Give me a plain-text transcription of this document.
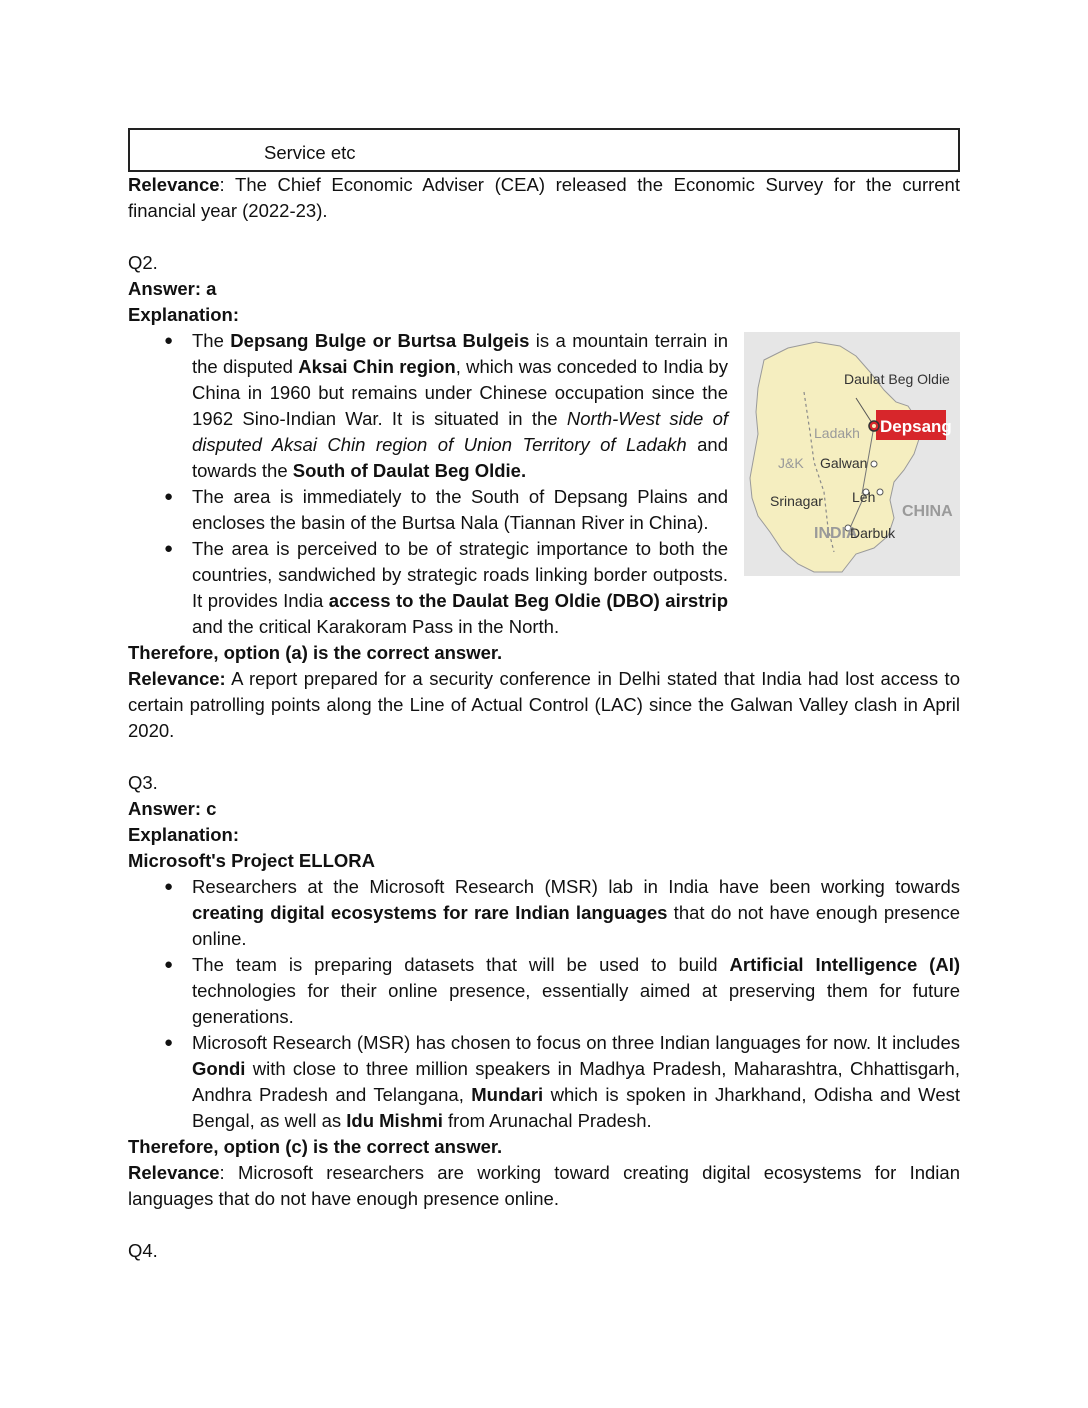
Service etc

Relevance: The Chief Economic Adviser (CEA) released the Economic Survey for the current financial year (2022-23).

Q2.

Answer: a

Explanation:

● The Depsang Bulge or Burtsa Bulgeis is a mountain terrain in the disputed Aksai Chin region, which was conceded to India by China in 1960 but remains under Chinese occupation since the 1962 Sino-Indian War. It is situated in the North-West side of disputed Aksai Chin region of Union Territory of Ladakh and towards the South of Daulat Beg Oldie.
● The area is immediately to the South of Depsang Plains and encloses the basin of the Burtsa Nala (Tiannan River in China).
● The area is perceived to be of strategic importance to both the countries, sandwiched by strategic roads linking border outposts. It provides India access to the Daulat Beg Oldie (DBO) airstrip and the critical Karakoram Pass in the North.

Therefore, option (a) is the correct answer.

Relevance: A report prepared for a security conference in Delhi stated that India had lost access to certain patrolling points along the Line of Actual Control (LAC) since the Galwan Valley clash in April 2020.

Q3.

Answer: c

Explanation:

Microsoft's Project ELLORA

● Researchers at the Microsoft Research (MSR) lab in India have been working towards creating digital ecosystems for rare Indian languages that do not have enough presence online.
● The team is preparing datasets that will be used to build Artificial Intelligence (AI) technologies for their online presence, essentially aimed at preserving them for future generations.
● Microsoft Research (MSR) has chosen to focus on three Indian languages for now. It includes Gondi with close to three million speakers in Madhya Pradesh, Maharashtra, Chhattisgarh, Andhra Pradesh and Telangana, Mundari which is spoken in Jharkhand, Odisha and West Bengal, as well as Idu Mishmi from Arunachal Pradesh.

Therefore, option (c) is the correct answer.

Relevance: Microsoft researchers are working toward creating digital ecosystems for Indian languages that do not have enough presence online.

Q4.

Daulat Beg Oldie
Depsang
Ladakh
J&K Galwan
Srinagar Leh
CHINA
INDIA
Darbuk
